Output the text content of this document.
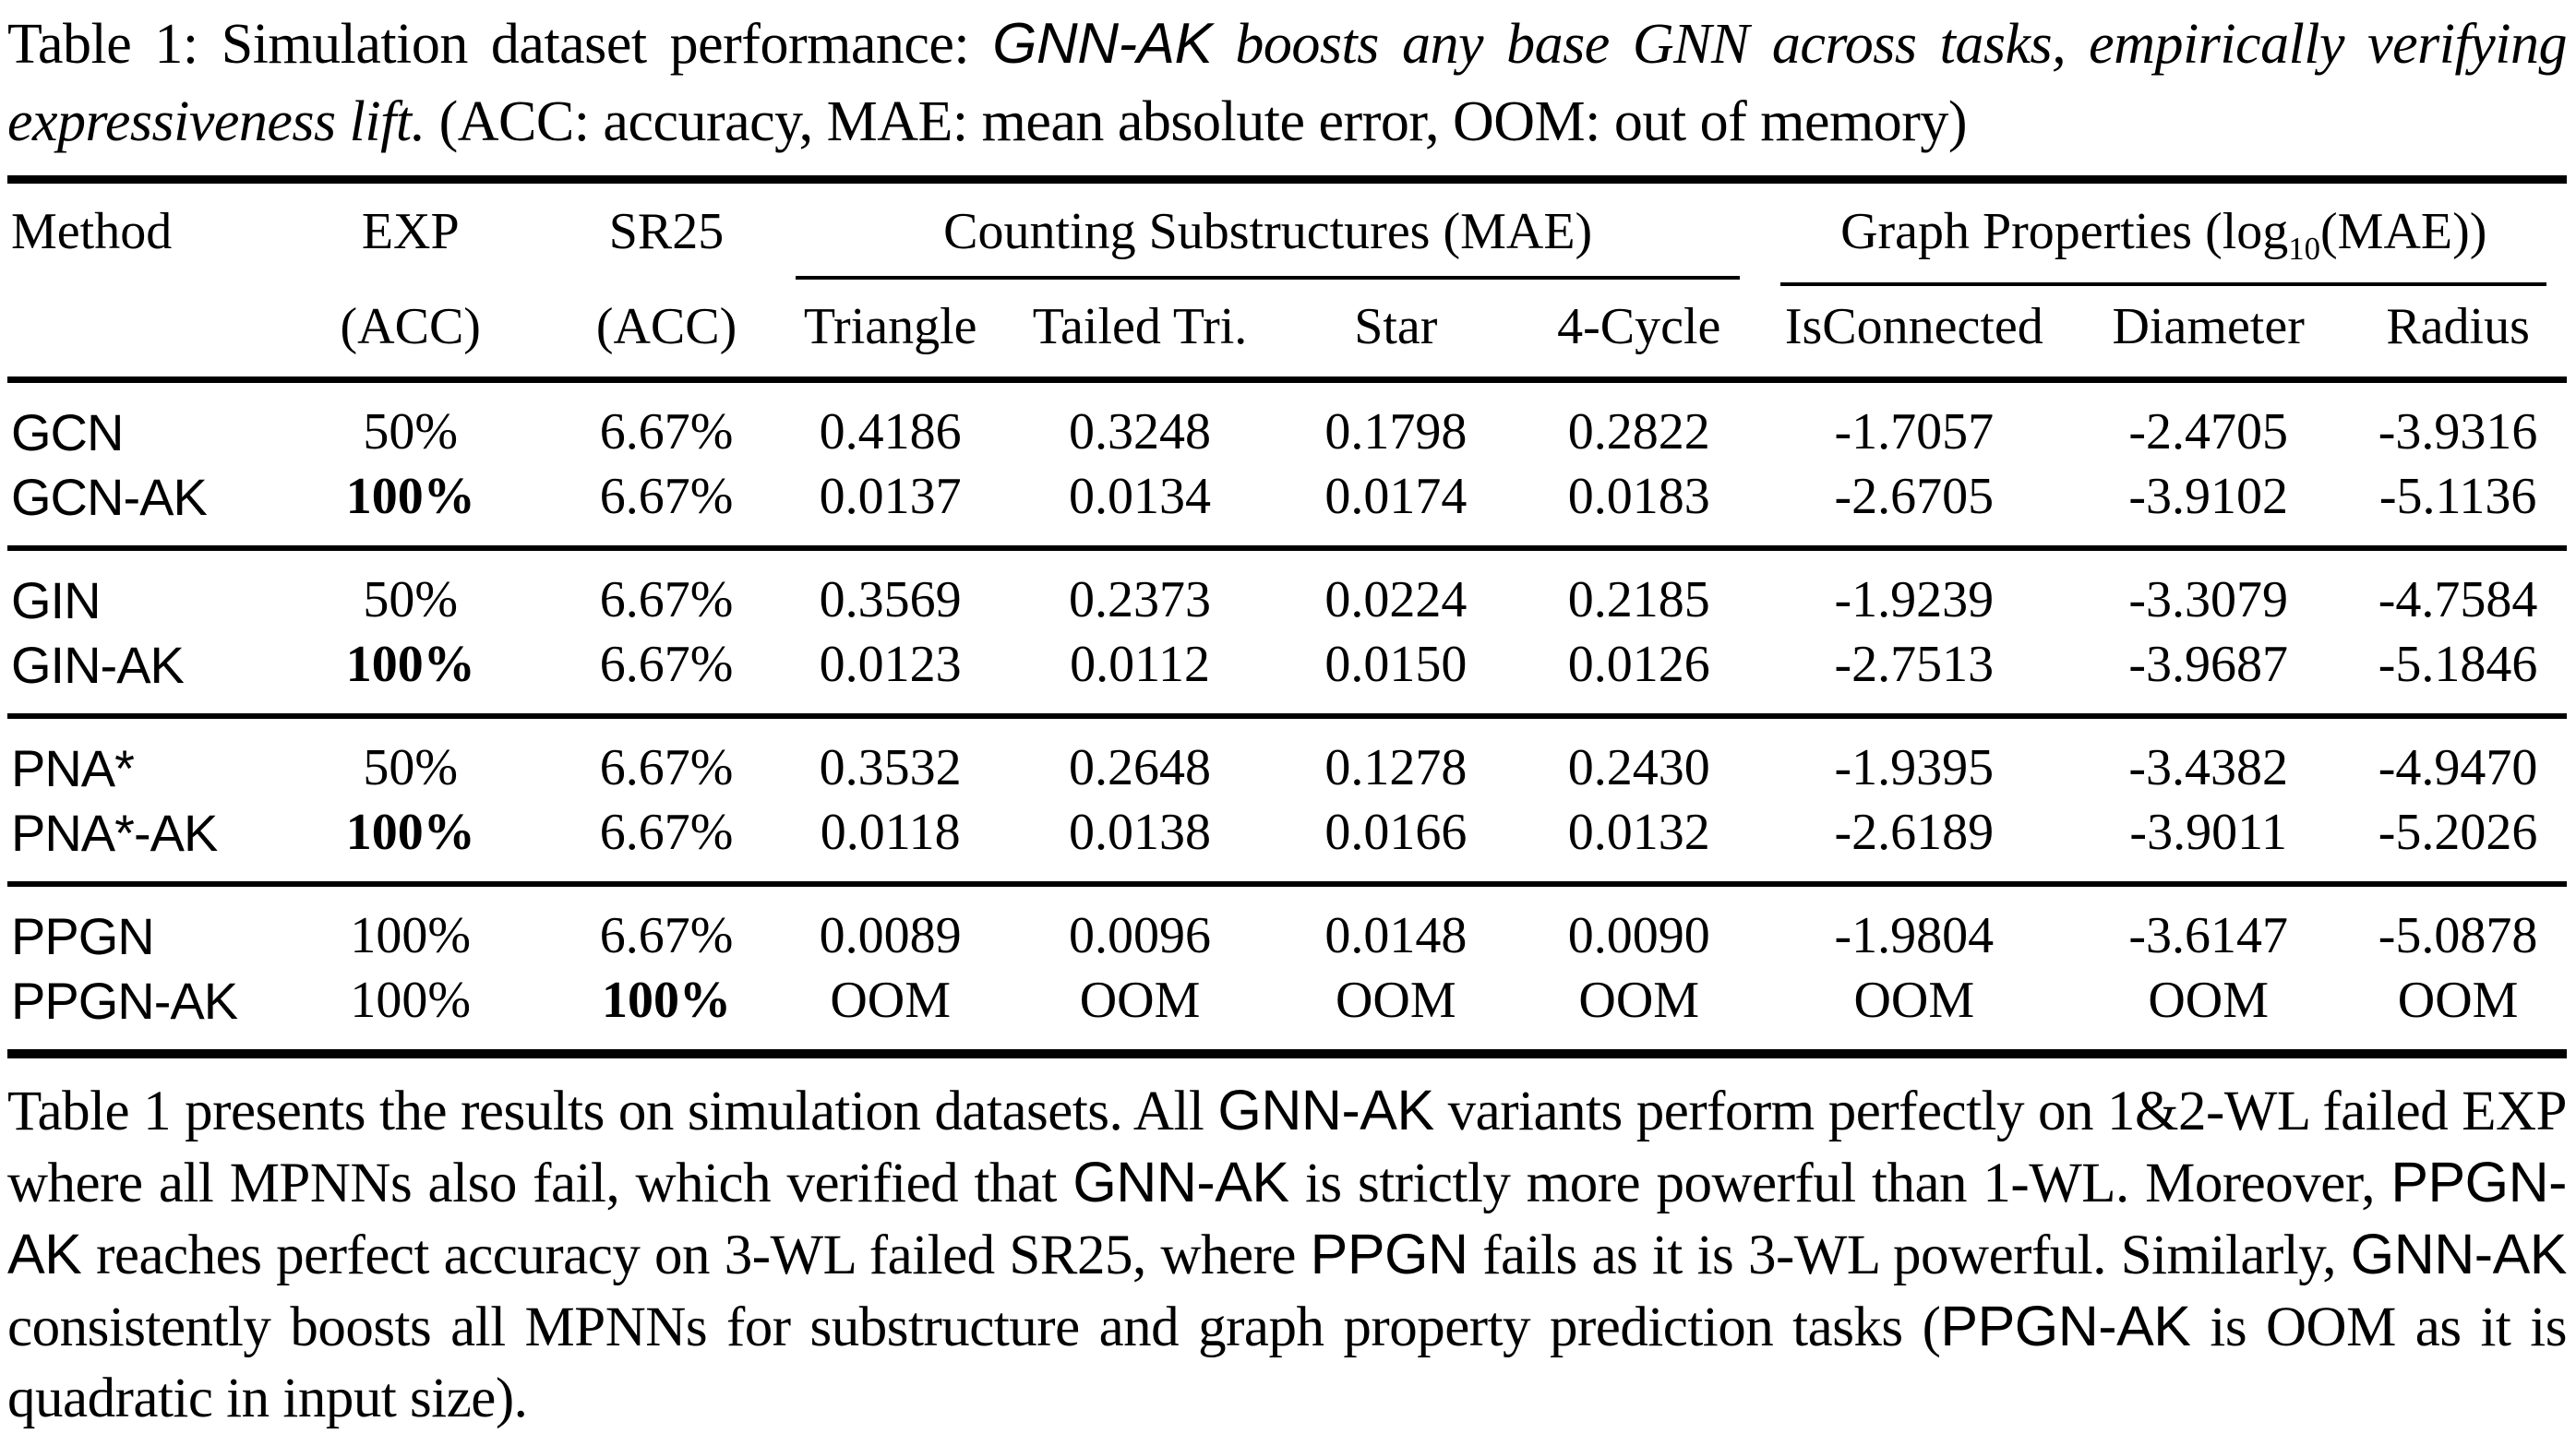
Table 1: Simulation dataset performance: GNN-AK boosts any base GNN across tasks, empirically verifying expressiveness lift. (ACC: accuracy, MAE: mean absolute error, OOM: out of memory)
Method	EXP	SR25	Counting Substructures (MAE)				Graph Properties $(\log_{10}(MAE))$		

	(ACC)	(ACC)	Triangle	Tailed Tri.	Star	4-Cycle	IsConnected	Diameter	Radius
GCN	50%	6.67%	0.4186	0.3248	0.1798	0.2822	-1.7057	-2.4705	-3.9316
GCN-AK	100%	6.67%	0.0137	0.0134	0.0174	0.0183	-2.6705	-3.9102	-5.1136
GIN	50%	6.67%	0.3569	0.2373	0.0224	0.2185	-1.9239	-3.3079	-4.7584
GIN-AK	100%	6.67%	0.0123	0.0112	0.0150	0.0126	-2.7513	-3.9687	-5.1846
PNA*	50%	6.67%	0.3532	0.2648	0.1278	0.2430	-1.9395	-3.4382	-4.9470
PNA*-AK	100%	6.67%	0.0118	0.0138	0.0166	0.0132	-2.6189	-3.9011	-5.2026
PPGN	100%	6.67%	0.0089	0.0096	0.0148	0.0090	-1.9804	-3.6147	-5.0878
PPGN-AK	100%	100%	OOM	OOM	OOM	OOM	OOM	OOM	OOM
Table 1 presents the results on simulation datasets. All GNN-AK variants perform perfectly on 1&2-WL failed EXP where all MPNNs also fail, which verified that GNN-AK is strictly more powerful than 1-WL. Moreover, PPGN-AK reaches perfect accuracy on 3-WL failed SR25, where PPGN fails as it is 3-WL powerful. Similarly, GNN-AK consistently boosts all MPNNs for substructure and graph property prediction tasks (PPGN-AK is OOM as it is quadratic in input size).
